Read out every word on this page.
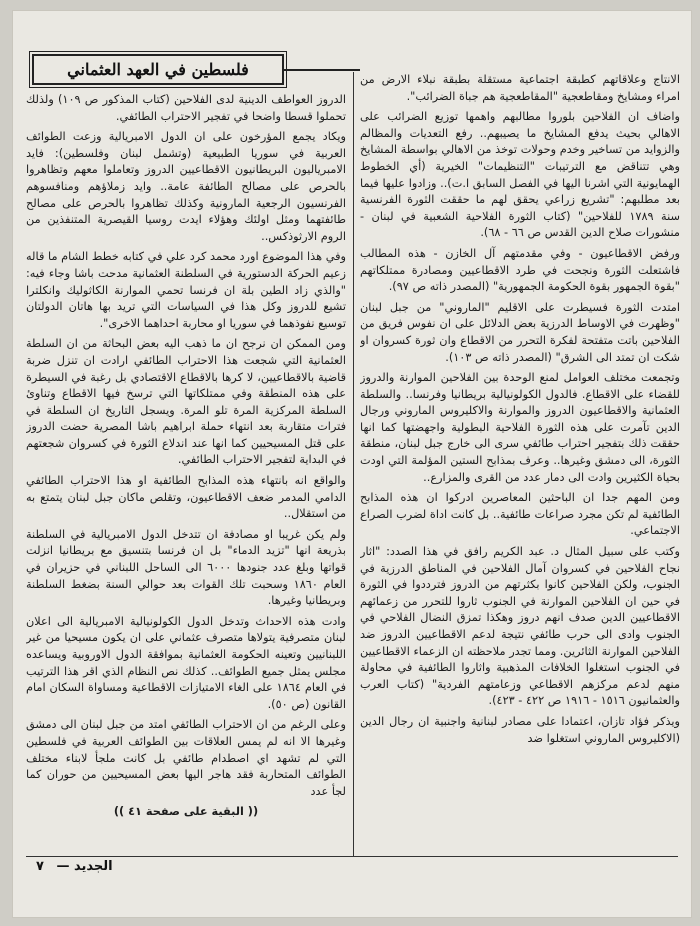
فلسطين في العهد العثماني

الانتاج وعلاقاتهم كطبقة اجتماعية مستقلة بطبقة نبلاء الارض من امراء ومشايخ ومقاطعجية "المقاطعجية هم جباة الضرائب".

واضاف ان الفلاحين بلوروا مطالبهم واهمها توزيع الضرائب على الاهالي بحيث يدفع المشايخ ما يصيبهم.. رفع التعديات والمظالم والزوايد من تساخير وخدم وحولات توخذ من الاهالي بواسطة المشايخ وهي تتناقض مع الترتيبات "التنظيمات" الخيرية (أي الخطوط الهمايونية التي اشرنا اليها في الفصل السابق ا.ت).. وزادوا عليها فيما بعد مطلبهم: "تشريع زراعي يحقق لهم ما حققت الثورة الفرنسية سنة ١٧٨٩ للفلاحين" (كتاب الثورة الفلاحية الشعبية في لبنان - منشورات صلاح الدين القدس ص ٦٦ - ٦٨).

ورفض الاقطاعيون - وفي مقدمتهم آل الخازن - هذه المطالب فاشتعلت الثورة ونجحت في طرد الاقطاعيين ومصادرة ممتلكاتهم "بقوة الجمهور بقوة الحكومة الجمهورية" (المصدر ذاته ص ٩٧).

امتدت الثورة فسيطرت على الاقليم "الماروني" من جبل لبنان "وظهرت في الاوساط الدرزية بعض الدلائل على ان نفوس فريق من الفلاحين باتت متفتحة لفكرة التحرر من الاقطاع وان ثورة كسروان او شكت ان تمتد الى الشرق" (المصدر ذاته ص ١٠٣).

وتجمعت مختلف العوامل لمنع الوحدة بين الفلاحين الموارنة والدروز للقضاء على الاقطاع. فالدول الكولونيالية بريطانيا وفرنسا.. والسلطة العثمانية والاقطاعيون الدروز والموارنة والاكليروس الماروني ورجال الدين تآمرت على هذه الثورة الفلاحية البطولية واجهضتها كما انها حققت ذلك بتفجير احتراب طائفي سرى الى خارج جبل لبنان، منطقة الثورة، الى دمشق وغيرها.. وعرف بمذابح الستين المؤلمة التي اودت بحياة الكثيرين وادت الى دمار عدد من القرى والمزارع..

ومن المهم جدا ان الباحثين المعاصرين ادركوا ان هذه المذابح الطائفية لم تكن مجرد صراعات طائفية.. بل كانت اداة لضرب الصراع الاجتماعي.

وكتب على سبيل المثال د. عبد الكريم رافق في هذا الصدد: "اثار نجاح الفلاحين في كسروان آمال الفلاحين في المناطق الدرزية في الجنوب، ولكن الفلاحين كانوا بكثرتهم من الدروز فترددوا في الثورة في حين ان الفلاحين الموارنة في الجنوب ثاروا للتحرر من زعمائهم الاقطاعيين الدين صدف انهم دروز وهكذا تمزق النضال الفلاحي في الجنوب وادى الى حرب طائفي نتيجة لدعم الاقطاعيين الدروز ضد الفلاحين الموارنة الثائرين. ومما تجدر ملاحظته ان الزعماء الاقطاعيين في الجنوب استغلوا الخلافات المذهبية واثاروا الطائفية في محاولة منهم لدعم مركزهم الاقطاعي وزعامتهم الفردية" (كتاب العرب والعثمانيون ١٥١٦ - ١٩١٦ ص ٤٢٢ - ٤٢٣).

ويذكر فؤاد تازان، اعتمادا على مصادر لبنانية واجنبية ان رجال الدين (الاكليروس الماروني استغلوا ضد

الدروز العواطف الدينية لدى الفلاحين (كتاب المذكور ص ١٠٩) ولذلك تحملوا قسطا واضحا في تفجير الاحتراب الطائفي.

ويكاد يجمع المؤرخون على ان الدول الامبريالية وزعت الطوائف العربية في سوريا الطبيعية (وتشمل لبنان وفلسطين): فايد الامبرياليون البريطانيون الاقطاعيين الدروز وتعاملوا معهم وتظاهروا بالحرص على مصالح الطائفة عامة.. وايد زملاؤهم ومنافسوهم الفرنسيون الرجعية المارونية وكذلك تظاهروا بالحرص على مصالح طائفتهما ومثل اولئك وهؤلاء ايدت روسيا القيصرية المتنفذين من الروم الارثوذكس..

وفي هذا الموضوع اورد محمد كرد علي في كتابه خطط الشام ما قاله زعيم الحركة الدستورية في السلطنة العثمانية مدحت باشا وجاء فيه: "والذي زاد الطين بلة ان فرنسا تحمي الموارنة الكاثوليك وانكلترا تشيع للدروز وكل هذا في السياسات التي تريد بها هاتان الدولتان توسيع نفوذهما في سوريا او محاربة احداهما الاخرى".

ومن الممكن ان نرجح ان ما ذهب اليه بعض البحاثة من ان السلطة العثمانية التي شجعت هذا الاحتراب الطائفي ارادت ان تنزل ضربة قاضية بالاقطاعيين، لا كرها بالاقطاع الاقتصادي بل رغبة في السيطرة على هذه المنطقة وفي ممتلكاتها التي ترسخ فيها الاقطاع وتناوئ السلطة المركزية المرة تلو المرة. ويسجل التاريخ ان السلطة في فترات متقاربة بعد انتهاء حملة ابراهيم باشا المصرية حضت الدروز على قتل المسيحيين كما انها عند اندلاع الثورة في كسروان شجعتهم في البداية لتفجير الاحتراب الطائفي.

والواقع انه بانتهاء هذه المذابح الطائفية او هذا الاحتراب الطائفي الدامي المدمر ضعف الاقطاعيون، وتقلص ماكان جبل لبنان يتمتع به من استقلال..

ولم يكن غريبا او مصادفة ان تتدخل الدول الامبريالية في السلطنة بذريعة انها "تزيد الدماء" بل ان فرنسا بتنسيق مع بريطانيا انزلت قواتها وبلغ عدد جنودها ٦٠٠٠ الى الساحل اللبناني في حزيران في العام ١٨٦٠ وسحبت تلك القوات بعد حوالي السنة بضغط السلطنة وبريطانيا وغيرها.

وادت هذه الاحداث وتدخل الدول الكولونيالية الامبريالية الى اعلان لبنان متصرفية يتولاها متصرف عثماني على ان يكون مسيحيا من غير اللبنانيين وتعينه الحكومة العثمانية بموافقة الدول الاوروبية ويساعده مجلس يمثل جميع الطوائف.. كذلك نص النظام الذي اقر هذا الترتيب في العام ١٨٦٤ على الغاء الامتيازات الاقطاعية ومساواة السكان امام القانون (ص ٥٠).

وعلى الرغم من ان الاحتراب الطائفي امتد من جبل لبنان الى دمشق وغيرها الا انه لم يمس العلاقات بين الطوائف العربية في فلسطين التي لم تشهد اي اصطدام طائفي بل كانت ملجأ لابناء مختلف الطوائف المتحاربة فقد هاجر اليها بعض المسيحيين من حوران كما لجأ عدد

(( البقية على صفحة ٤١ ))

الجديد — ٧
